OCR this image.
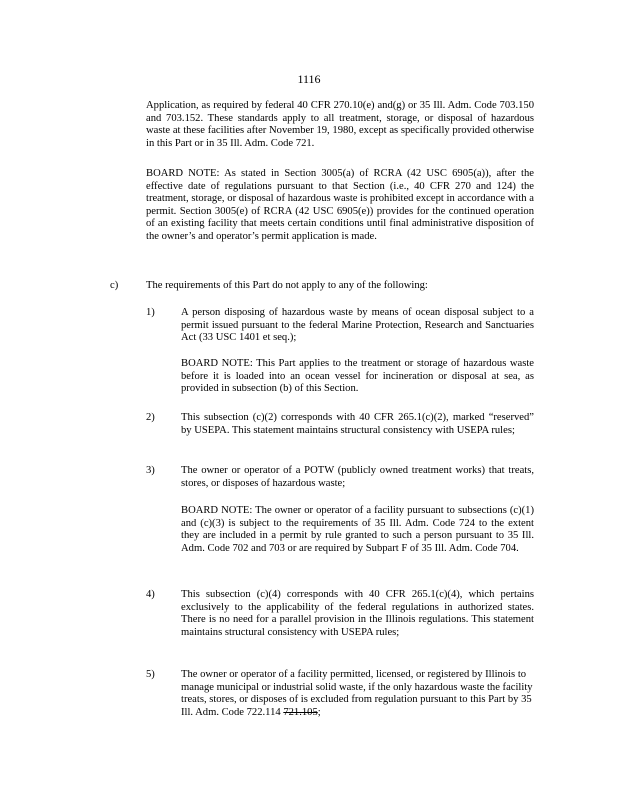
1116

Application, as required by federal 40 CFR 270.10(e) and(g) or 35 Ill. Adm. Code 703.150 and 703.152. These standards apply to all treatment, storage, or disposal of hazardous waste at these facilities after November 19, 1980, except as specifically provided otherwise in this Part or in 35 Ill. Adm. Code 721.

BOARD NOTE: As stated in Section 3005(a) of RCRA (42 USC 6905(a)), after the effective date of regulations pursuant to that Section (i.e., 40 CFR 270 and 124) the treatment, storage, or disposal of hazardous waste is prohibited except in accordance with a permit. Section 3005(e) of RCRA (42 USC 6905(e)) provides for the continued operation of an existing facility that meets certain conditions until final administrative disposition of the owner’s and operator’s permit application is made.

c)	The requirements of this Part do not apply to any of the following:

1) A person disposing of hazardous waste by means of ocean disposal subject to a permit issued pursuant to the federal Marine Protection, Research and Sanctuaries Act (33 USC 1401 et seq.);

BOARD NOTE: This Part applies to the treatment or storage of hazardous waste before it is loaded into an ocean vessel for incineration or disposal at sea, as provided in subsection (b) of this Section.

2) This subsection (c)(2) corresponds with 40 CFR 265.1(c)(2), marked “reserved” by USEPA. This statement maintains structural consistency with USEPA rules;

3) The owner or operator of a POTW (publicly owned treatment works) that treats, stores, or disposes of hazardous waste;

BOARD NOTE: The owner or operator of a facility pursuant to subsections (c)(1) and (c)(3) is subject to the requirements of 35 Ill. Adm. Code 724 to the extent they are included in a permit by rule granted to such a person pursuant to 35 Ill. Adm. Code 702 and 703 or are required by Subpart F of 35 Ill. Adm. Code 704.

4) This subsection (c)(4) corresponds with 40 CFR 265.1(c)(4), which pertains exclusively to the applicability of the federal regulations in authorized states. There is no need for a parallel provision in the Illinois regulations. This statement maintains structural consistency with USEPA rules;

5) The owner or operator of a facility permitted, licensed, or registered by Illinois to manage municipal or industrial solid waste, if the only hazardous waste the facility treats, stores, or disposes of is excluded from regulation pursuant to this Part by 35 Ill. Adm. Code 722.114 721.105;
